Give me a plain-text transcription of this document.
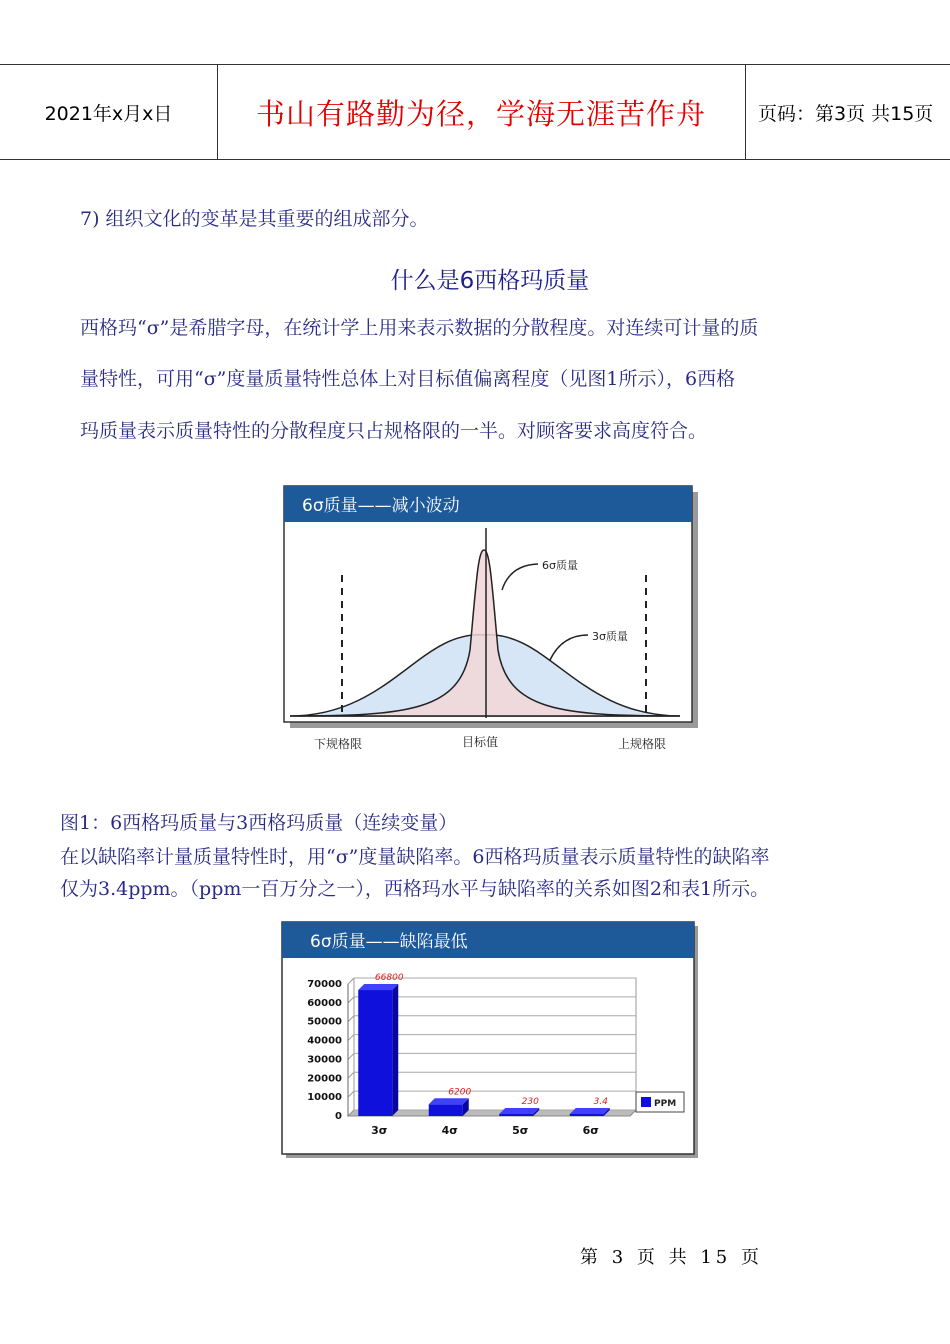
2021年x月x日	书山有路勤为径，学海无涯苦作舟	页码：第3页 共15页
7) 组织文化的变革是其重要的组成部分。
什么是6西格玛质量
西格玛“σ”是希腊字母，在统计学上用来表示数据的分散程度。对连续可计量的质
量特性，可用“σ”度量质量特性总体上对目标值偏离程度（见图1所示），6西格
玛质量表示质量特性的分散程度只占规格限的一半。对顾客要求高度符合。
6σ质量——减小波动
6σ质量
3σ质量
下规格限	目标值	上规格限
图1：6西格玛质量与3西格玛质量（连续变量）
在以缺陷率计量质量特性时，用“σ”度量缺陷率。6西格玛质量表示质量特性的缺陷率
仅为3.4ppm。（ppm一百万分之一），西格玛水平与缺陷率的关系如图2和表1所示。
6σ质量——缺陷最低
0
10000
20000
30000
40000
50000
60000
70000
66800
3σ
6200
4σ
230
5σ
3.4
6σ
PPM
第 3 页 共 15 页
